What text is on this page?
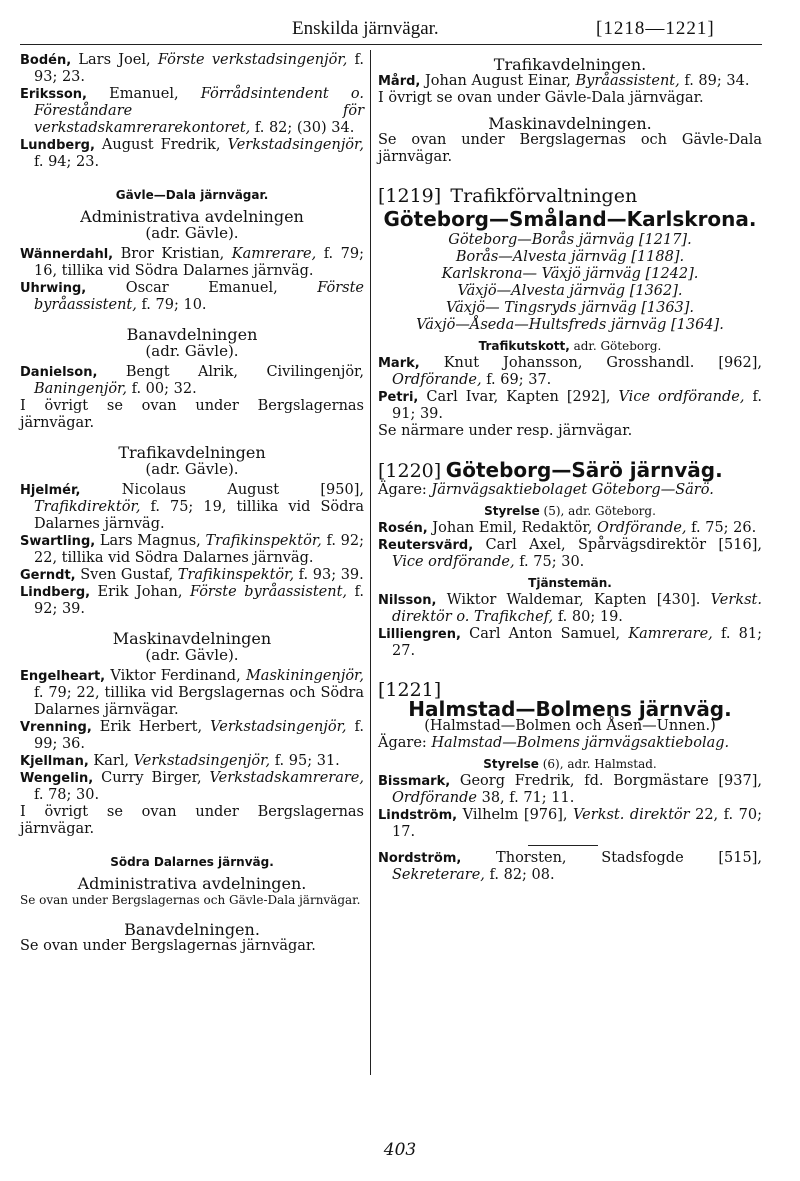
Enskilda järnvägar.	[1218—1221]

Bodén, Lars Joel, Förste verkstadsingenjör, f. 93; 23.

Eriksson, Emanuel, Förrådsintendent o. Föreståndare för verkstadskamrerarekontoret, f. 82; (30) 34.

Lundberg, August Fredrik, Verkstadsingenjör, f. 94; 23.

Gävle—Dala järnvägar.

Administrativa avdelningen

(adr. Gävle).

Wännerdahl, Bror Kristian, Kamrerare, f. 79; 16, tillika vid Södra Dalarnes järnväg.

Uhrwing, Oscar Emanuel, Förste byråassistent, f. 79; 10.

Banavdelningen

(adr. Gävle).

Danielson, Bengt Alrik, Civilingenjör, Baningenjör, f. 00; 32.

I övrigt se ovan under Bergslagernas järnvägar.

Trafikavdelningen

(adr. Gävle).

Hjelmér, Nicolaus August [950], Trafikdirektör, f. 75; 19, tillika vid Södra Dalarnes järnväg.

Swartling, Lars Magnus, Trafikinspektör, f. 92; 22, tillika vid Södra Dalarnes järnväg.

Gerndt, Sven Gustaf, Trafikinspektör, f. 93; 39.

Lindberg, Erik Johan, Förste byråassistent, f. 92; 39.

Maskinavdelningen

(adr. Gävle).

Engelheart, Viktor Ferdinand, Maskiningenjör, f. 79; 22, tillika vid Bergslagernas och Södra Dalarnes järnvägar.

Vrenning, Erik Herbert, Verkstadsingenjör, f. 99; 36.

Kjellman, Karl, Verkstadsingenjör, f. 95; 31.

Wengelin, Curry Birger, Verkstadskamrerare, f. 78; 30.

I övrigt se ovan under Bergslagernas järnvägar.

Södra Dalarnes järnväg.

Administrativa avdelningen.

Se ovan under Bergslagernas och Gävle-Dala järnvägar.

Banavdelningen.

Se ovan under Bergslagernas järnvägar.

Trafikavdelningen.

Mård, Johan August Einar, Byråassistent, f. 89; 34.

I övrigt se ovan under Gävle-Dala järnvägar.

Maskinavdelningen.

Se ovan under Bergslagernas och Gävle-Dala järnvägar.

[1219] Trafikförvaltningen

Göteborg—Småland—Karlskrona.

Göteborg—Borås järnväg [1217].

Borås—Alvesta järnväg [1188].

Karlskrona— Växjö järnväg [1242].

Växjö—Alvesta järnväg [1362].

Växjö— Tingsryds järnväg [1363].

Växjö—Åseda—Hultsfreds järnväg [1364].

Trafikutskott, adr. Göteborg.

Mark, Knut Johansson, Grosshandl. [962], Ordförande, f. 69; 37.

Petri, Carl Ivar, Kapten [292], Vice ordförande, f. 91; 39.

Se närmare under resp. järnvägar.

[1220] Göteborg—Särö järnväg.

Ägare: Järnvägsaktiebolaget Göteborg—Särö.

Styrelse (5), adr. Göteborg.

Rosén, Johan Emil, Redaktör, Ordförande, f. 75; 26.

Reutersvärd, Carl Axel, Spårvägsdirektör [516], Vice ordförande, f. 75; 30.

Tjänstemän.

Nilsson, Wiktor Waldemar, Kapten [430]. Verkst. direktör o. Trafikchef, f. 80; 19.

Lilliengren, Carl Anton Samuel, Kamrerare, f. 81; 27.

[1221]

Halmstad—Bolmens järnväg.

(Halmstad—Bolmen och Åsen—Unnen.)

Ägare: Halmstad—Bolmens järnvägsaktiebolag.

Styrelse (6), adr. Halmstad.

Bissmark, Georg Fredrik, fd. Borgmästare [937], Ordförande 38, f. 71; 11.

Lindström, Vilhelm [976], Verkst. direktör 22, f. 70; 17.

Nordström, Thorsten, Stadsfogde [515], Sekreterare, f. 82; 08.

403
